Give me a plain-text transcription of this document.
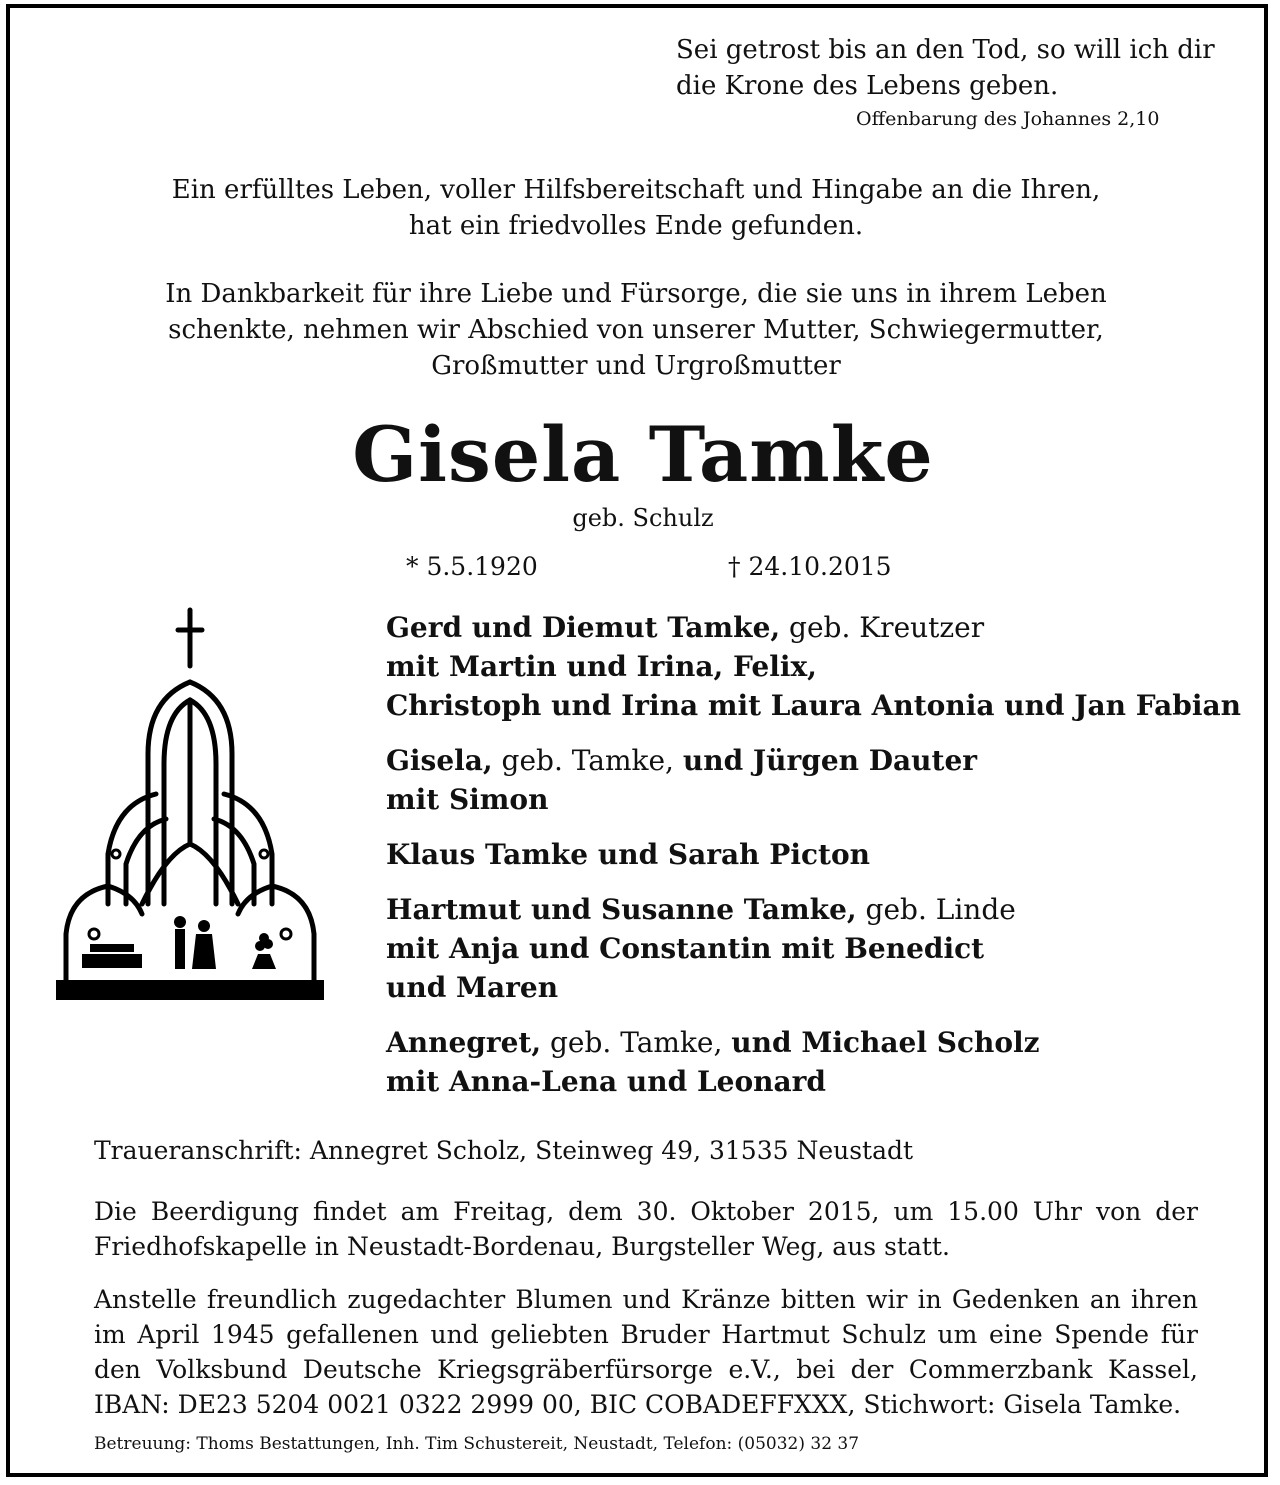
Sei getrost bis an den Tod, so will ich dir
die Krone des Lebens geben.
Offenbarung des Johannes 2,10
Ein erfülltes Leben, voller Hilfsbereitschaft und Hingabe an die Ihren,
hat ein friedvolles Ende gefunden.
In Dankbarkeit für ihre Liebe und Fürsorge, die sie uns in ihrem Leben
schenkte, nehmen wir Abschied von unserer Mutter, Schwiegermutter,
Großmutter und Urgroßmutter
Gisela Tamke
geb. Schulz
* 5.5.1920	† 24.10.2015
Gerd und Diemut Tamke, geb. Kreutzer
mit Martin und Irina, Felix,
Christoph und Irina mit Laura Antonia und Jan Fabian
Gisela, geb. Tamke, und Jürgen Dauter
mit Simon
Klaus Tamke und Sarah Picton
Hartmut und Susanne Tamke, geb. Linde
mit Anja und Constantin mit Benedict
und Maren
Annegret, geb. Tamke, und Michael Scholz
mit Anna-Lena und Leonard
Traueranschrift: Annegret Scholz, Steinweg 49, 31535 Neustadt
Die Beerdigung findet am Freitag, dem 30. Oktober 2015, um 15.00 Uhr von der Friedhofskapelle in Neustadt-Bordenau, Burgsteller Weg, aus statt.
Anstelle freundlich zugedachter Blumen und Kränze bitten wir in Gedenken an ihren im April 1945 gefallenen und geliebten Bruder Hartmut Schulz um eine Spende für den Volksbund Deutsche Kriegsgräberfürsorge e.V., bei der Commerzbank Kassel, IBAN: DE23 5204 0021 0322 2999 00, BIC COBADEFFXXX, Stichwort: Gisela Tamke.
Betreuung: Thoms Bestattungen, Inh. Tim Schustereit, Neustadt, Telefon: (05032) 32 37
